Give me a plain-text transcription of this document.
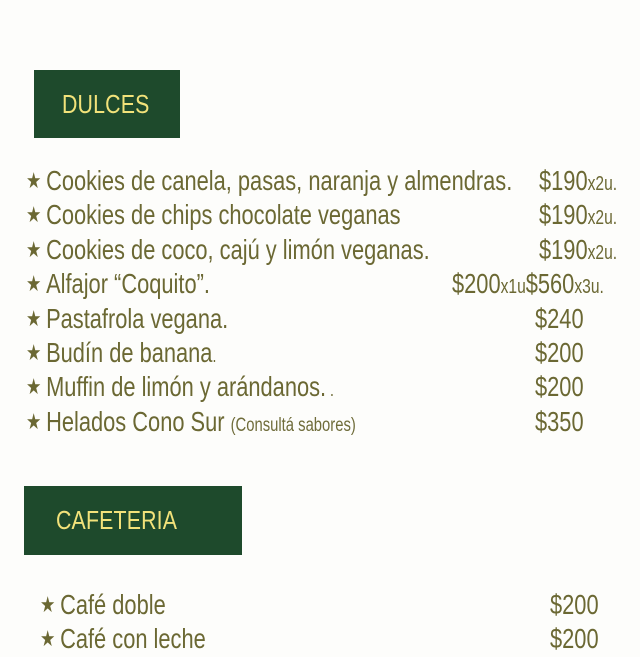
DULCES
★ Cookies de canela, pasas, naranja y almendras. $190x2u.
★ Cookies de chips chocolate veganas	$190x2u.
★ Cookies de coco, cajú y limón veganas.	$190x2u.
★ Alfajor “Coquito”.	$200x1u$560x3u.
★ Pastafrola vegana.	$240
★ Budín de banana.	$200
★ Muffin de limón y arándanos. .	$200
★ Helados Cono Sur (Consultá sabores)	$350
CAFETERIA
★ Café doble	$200
★ Café con leche	$200
